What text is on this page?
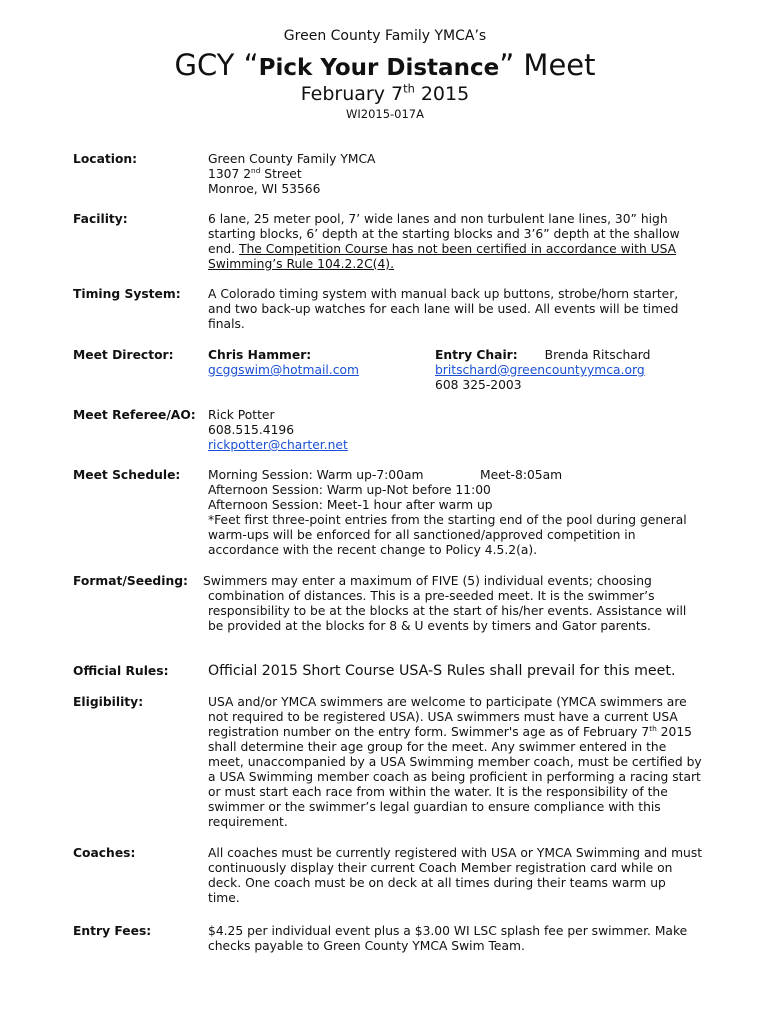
Green County Family YMCA’s
GCY “Pick Your Distance” Meet
February 7th 2015
WI2015-017A
Location:	Green County Family YMCA
1307 2nd Street
Monroe, WI 53566
Facility:	6 lane, 25 meter pool, 7’ wide lanes and non turbulent lane lines, 30” high
starting blocks, 6’ depth at the starting blocks and 3’6” depth at the shallow
end. The Competition Course has not been certified in accordance with USA
Swimming’s Rule 104.2.2C(4).
Timing System: A Colorado timing system with manual back up buttons, strobe/horn starter,
and two back-up watches for each lane will be used. All events will be timed
finals.
Meet Director:	Chris Hammer:
gcggswim@hotmail.com
Entry Chair: Brenda Ritschard
britschard@greencountyymca.org
608 325-2003
Meet Referee/AO: Rick Potter
608.515.4196
rickpotter@charter.net
Meet Schedule: Morning Session: Warm up-7:00am	Meet-8:05am
Afternoon Session: Warm up-Not before 11:00
Afternoon Session: Meet-1 hour after warm up
*Feet first three-point entries from the starting end of the pool during general
warm-ups will be enforced for all sanctioned/approved competition in
accordance with the recent change to Policy 4.5.2(a).
Format/Seeding: Swimmers may enter a maximum of FIVE (5) individual events; choosing
combination of distances. This is a pre-seeded meet. It is the swimmer’s
responsibility to be at the blocks at the start of his/her events. Assistance will
be provided at the blocks for 8 & U events by timers and Gator parents.
Official Rules:	Official 2015 Short Course USA-S Rules shall prevail for this meet.
Eligibility:	USA and/or YMCA swimmers are welcome to participate (YMCA swimmers are
not required to be registered USA). USA swimmers must have a current USA
registration number on the entry form. Swimmer's age as of February 7th 2015
shall determine their age group for the meet. Any swimmer entered in the
meet, unaccompanied by a USA Swimming member coach, must be certified by
a USA Swimming member coach as being proficient in performing a racing start
or must start each race from within the water. It is the responsibility of the
swimmer or the swimmer’s legal guardian to ensure compliance with this
requirement.
Coaches:	All coaches must be currently registered with USA or YMCA Swimming and must
continuously display their current Coach Member registration card while on
deck. One coach must be on deck at all times during their teams warm up
time.
Entry Fees:	$4.25 per individual event plus a $3.00 WI LSC splash fee per swimmer. Make
checks payable to Green County YMCA Swim Team.
